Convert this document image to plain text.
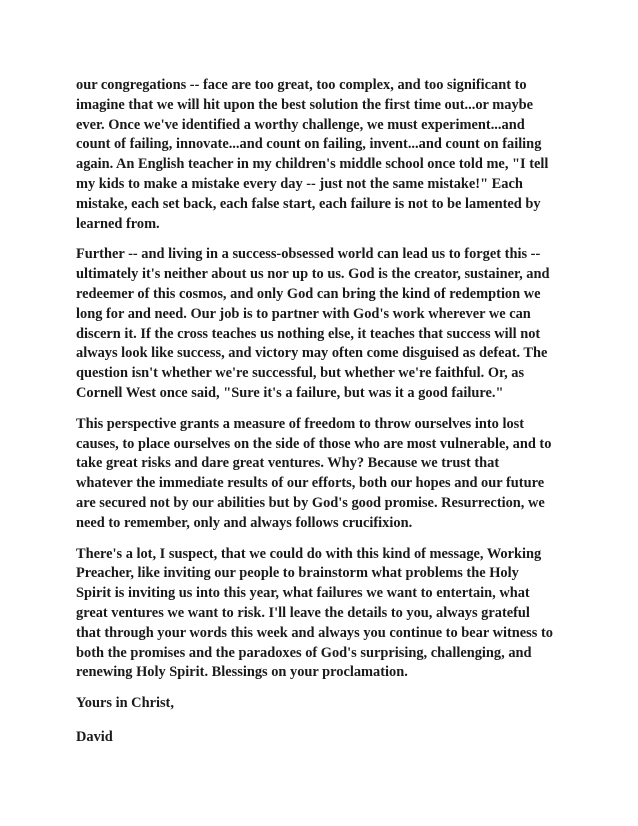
our congregations -- face are too great, too complex, and too significant to
imagine that we will hit upon the best solution the first time out...or maybe
ever. Once we've identified a worthy challenge, we must experiment...and
count of failing, innovate...and count on failing, invent...and count on failing
again. An English teacher in my children's middle school once told me, "I tell
my kids to make a mistake every day -- just not the same mistake!" Each
mistake, each set back, each false start, each failure is not to be lamented by
learned from.
Further -- and living in a success-obsessed world can lead us to forget this --
ultimately it's neither about us nor up to us. God is the creator, sustainer, and
redeemer of this cosmos, and only God can bring the kind of redemption we
long for and need. Our job is to partner with God's work wherever we can
discern it. If the cross teaches us nothing else, it teaches that success will not
always look like success, and victory may often come disguised as defeat. The
question isn't whether we're successful, but whether we're faithful. Or, as
Cornell West once said, "Sure it's a failure, but was it a good failure."
This perspective grants a measure of freedom to throw ourselves into lost
causes, to place ourselves on the side of those who are most vulnerable, and to
take great risks and dare great ventures. Why? Because we trust that
whatever the immediate results of our efforts, both our hopes and our future
are secured not by our abilities but by God's good promise. Resurrection, we
need to remember, only and always follows crucifixion.
There's a lot, I suspect, that we could do with this kind of message, Working
Preacher, like inviting our people to brainstorm what problems the Holy
Spirit is inviting us into this year, what failures we want to entertain, what
great ventures we want to risk. I'll leave the details to you, always grateful
that through your words this week and always you continue to bear witness to
both the promises and the paradoxes of God's surprising, challenging, and
renewing Holy Spirit. Blessings on your proclamation.
Yours in Christ,
David
